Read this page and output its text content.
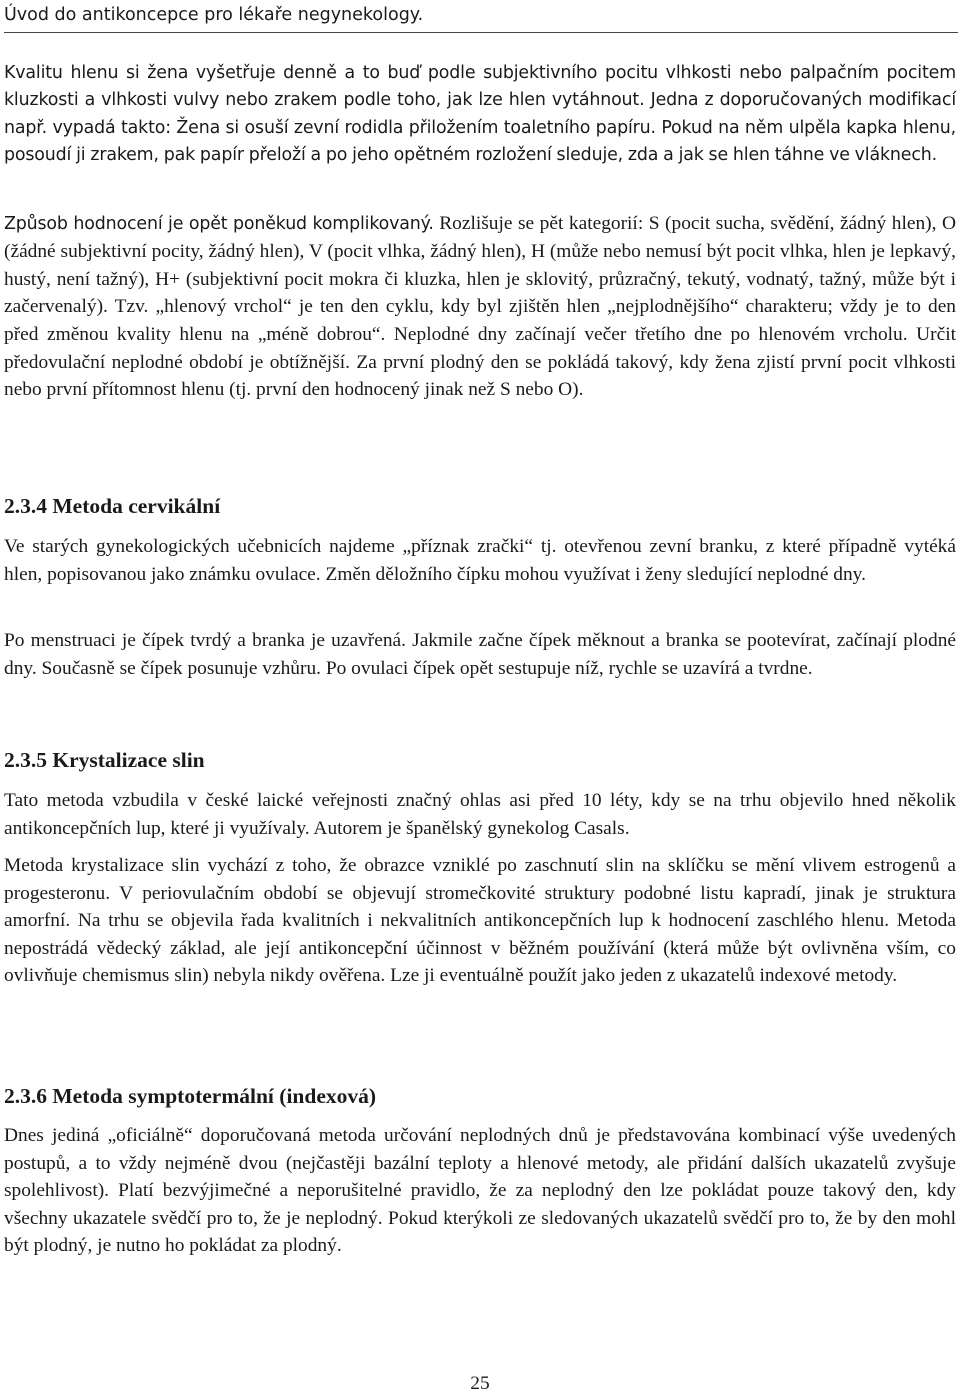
Úvod do antikoncepce pro lékaře negynekology.

Kvalitu hlenu si žena vyšetřuje denně a to buď podle subjektivního pocitu vlhkosti nebo palpačním pocitem kluzkosti a vlhkosti vulvy nebo zrakem podle toho, jak lze hlen vytáhnout. Jedna z doporučovaných modifikací např. vypadá takto: Žena si osuší zevní rodidla přiložením toaletního papíru. Pokud na něm ulpěla kapka hlenu, posoudí ji zrakem, pak papír přeloží a po jeho opětném rozložení sleduje, zda a jak se hlen táhne ve vláknech.

Způsob hodnocení je opět poněkud komplikovaný. Rozlišuje se pět kategorií: S (pocit sucha, svědění, žádný hlen), O (žádné subjektivní pocity, žádný hlen), V (pocit vlhka, žádný hlen), H (může nebo nemusí být pocit vlhka, hlen je lepkavý, hustý, není tažný), H+ (subjektivní pocit mokra či kluzka, hlen je sklovitý, průzračný, tekutý, vodnatý, tažný, může být i začervenalý). Tzv. „hlenový vrchol“ je ten den cyklu, kdy byl zjištěn hlen „nejplodnějšího“ charakteru; vždy je to den před změnou kvality hlenu na „méně dobrou“. Neplodné dny začínají večer třetího dne po hlenovém vrcholu. Určit předovulační neplodné období je obtížnější. Za první plodný den se pokládá takový, kdy žena zjistí první pocit vlhkosti nebo první přítomnost hlenu (tj. první den hodnocený jinak než S nebo O).

2.3.4 Metoda cervikální

Ve starých gynekologických učebnicích najdeme „příznak zrački“ tj. otevřenou zevní branku, z které případně vytéká hlen, popisovanou jako známku ovulace. Změn děložního čípku mohou využívat i ženy sledující neplodné dny.

Po menstruaci je čípek tvrdý a branka je uzavřená. Jakmile začne čípek měknout a branka se pootevírat, začínají plodné dny. Současně se čípek posunuje vzhůru. Po ovulaci čípek opět sestupuje níž, rychle se uzavírá a tvrdne.

2.3.5 Krystalizace slin

Tato metoda vzbudila v české laické veřejnosti značný ohlas asi před 10 léty, kdy se na trhu objevilo hned několik antikoncepčních lup, které ji využívaly. Autorem je španělský gynekolog Casals.

Metoda krystalizace slin vychází z toho, že obrazce vzniklé po zaschnutí slin na sklíčku se mění vlivem estrogenů a progesteronu. V periovulačním období se objevují stromečkovité struktury podobné listu kapradí, jinak je struktura amorfní. Na trhu se objevila řada kvalitních i nekvalitních antikoncepčních lup k hodnocení zaschlého hlenu. Metoda nepostrádá vědecký základ, ale její antikoncepční účinnost v běžném používání (která může být ovlivněna vším, co ovlivňuje chemismus slin) nebyla nikdy ověřena. Lze ji eventuálně použít jako jeden z ukazatelů indexové metody.

2.3.6 Metoda symptotermální (indexová)

Dnes jediná „oficiálně“ doporučovaná metoda určování neplodných dnů je představována kombinací výše uvedených postupů, a to vždy nejméně dvou (nejčastěji bazální teploty a hlenové metody, ale přidání dalších ukazatelů zvyšuje spolehlivost). Platí bezvýjimečné a neporušitelné pravidlo, že za neplodný den lze pokládat pouze takový den, kdy všechny ukazatele svědčí pro to, že je neplodný. Pokud kterýkoli ze sledovaných ukazatelů svědčí pro to, že by den mohl být plodný, je nutno ho pokládat za plodný.

25
